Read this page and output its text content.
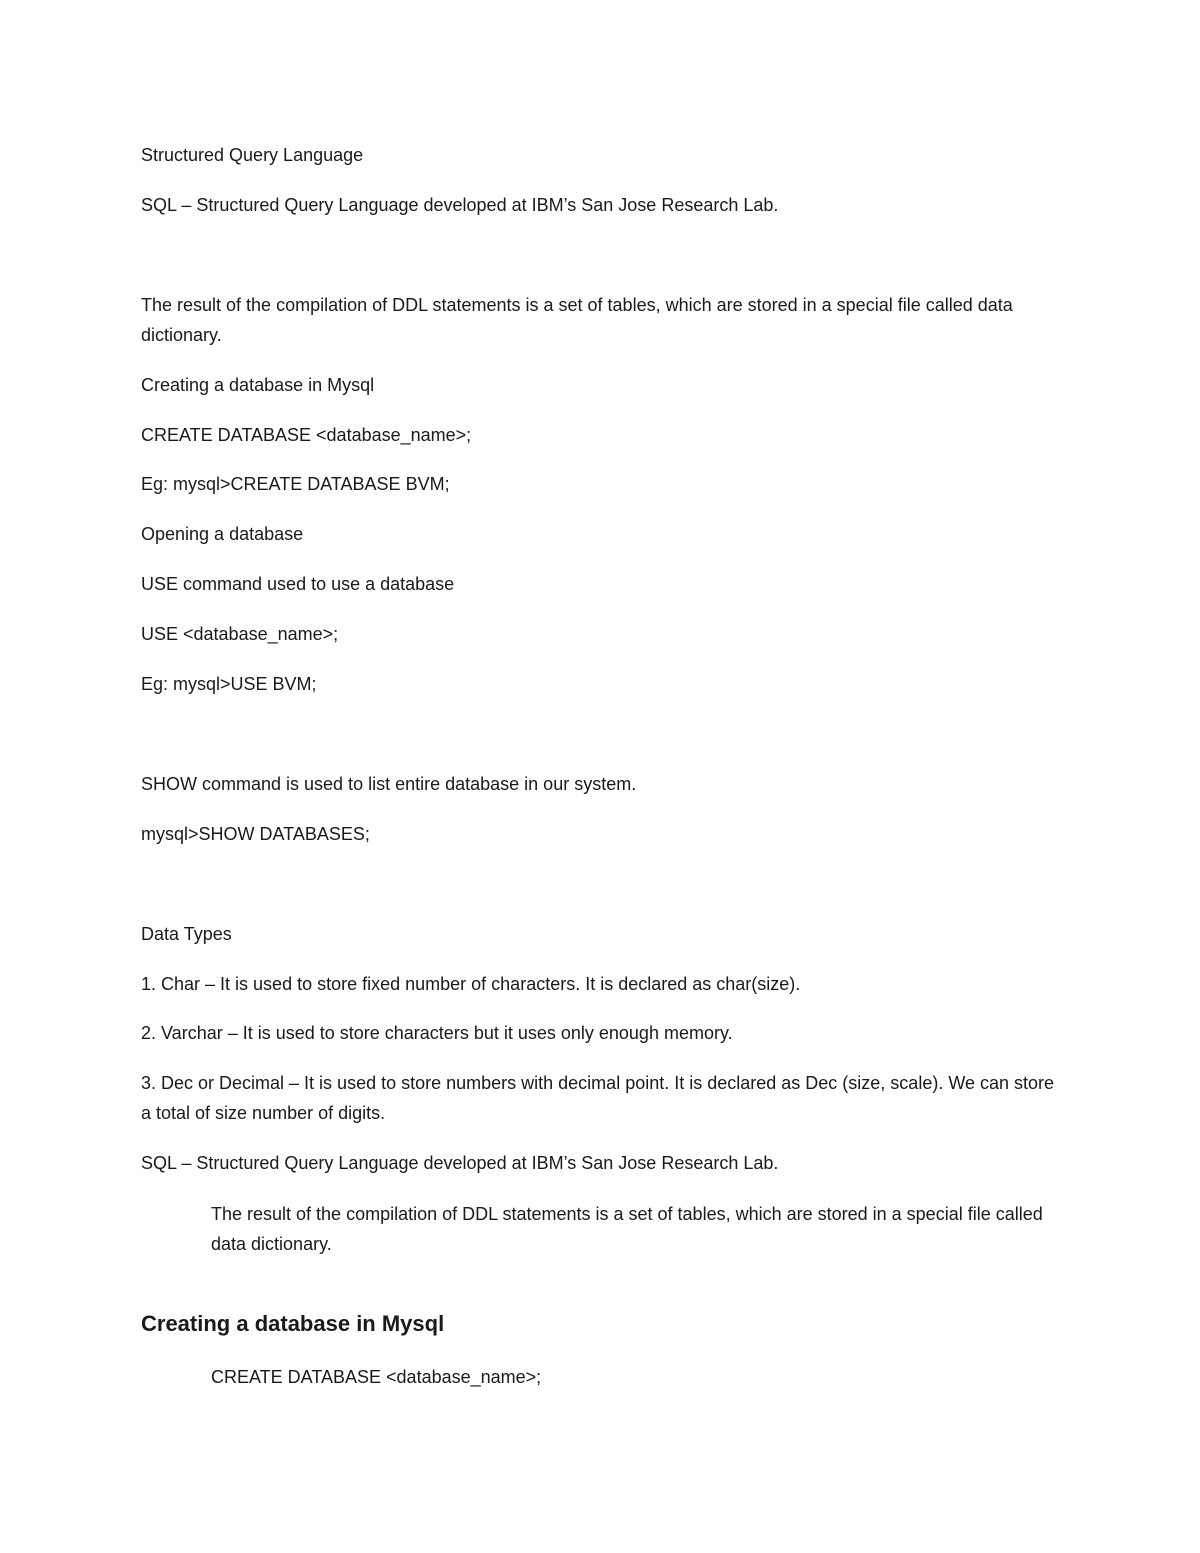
Structured Query Language
SQL – Structured Query Language developed at IBM’s San Jose Research Lab.
The result of the compilation of DDL statements is a set of tables, which are stored in a special file called data dictionary.
Creating a database in Mysql
CREATE DATABASE <database_name>;
Eg: mysql>CREATE DATABASE BVM;
Opening a database
USE command used to use a database
USE <database_name>;
Eg: mysql>USE BVM;
SHOW command is used to list entire database in our system.
mysql>SHOW DATABASES;
Data Types
1. Char – It is used to store fixed number of characters. It is declared as char(size).
2. Varchar – It is used to store characters but it uses only enough memory.
3. Dec or Decimal – It is used to store numbers with decimal point. It is declared as Dec (size, scale). We can store a total of size number of digits.
SQL – Structured Query Language developed at IBM’s San Jose Research Lab.
The result of the compilation of DDL statements is a set of tables, which are stored in a special file called data dictionary.
Creating a database in Mysql
CREATE DATABASE <database_name>;
